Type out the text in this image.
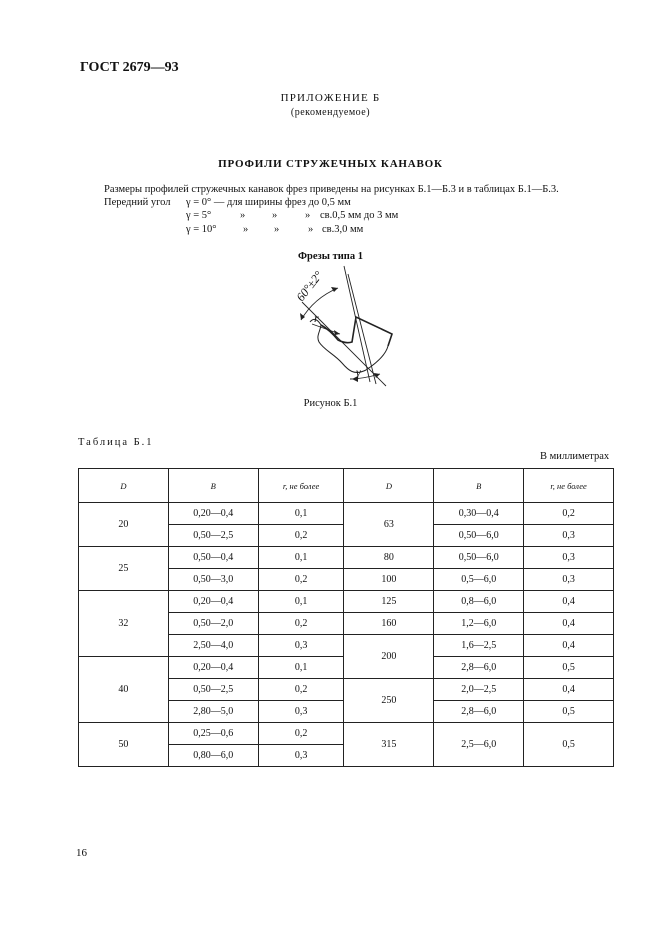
ГОСТ 2679—93
ПРИЛОЖЕНИЕ Б
(рекомендуемое)
ПРОФИЛИ СТРУЖЕЧНЫХ КАНАВОК
Размеры профилей стружечных канавок фрез приведены на рисунках Б.1—Б.3 и в таблицах Б.1—Б.3.
Передний угол γ = 0° — для ширины фрез до 0,5 мм
γ = 5°	»	»	» св.0,5 мм до 3 мм
γ = 10°	» »	» св.3,0 мм
Фрезы типа 1
60°±2°
r
γ
Рисунок Б.1
Таблица Б.1
В миллиметрах
D	B	r, не более	D	B	r, не более
20	0,20—0,4	0,1	63	0,30—0,4	0,2
	0,50—2,5	0,2		0,50—6,0	0,3
25	0,50—0,4	0,1	80	0,50—6,0	0,3
	0,50—3,0	0,2	100	0,5—6,0	0,3
32	0,20—0,4	0,1	125	0,8—6,0	0,4
	0,50—2,0	0,2	160	1,2—6,0	0,4
	2,50—4,0	0,3	200	1,6—2,5	0,4
40	0,20—0,4	0,1		2,8—6,0	0,5
	0,50—2,5	0,2	250	2,0—2,5	0,4
	2,80—5,0	0,3		2,8—6,0	0,5
50	0,25—0,6	0,2	315	2,5—6,0	0,5
	0,80—6,0	0,3			
16
